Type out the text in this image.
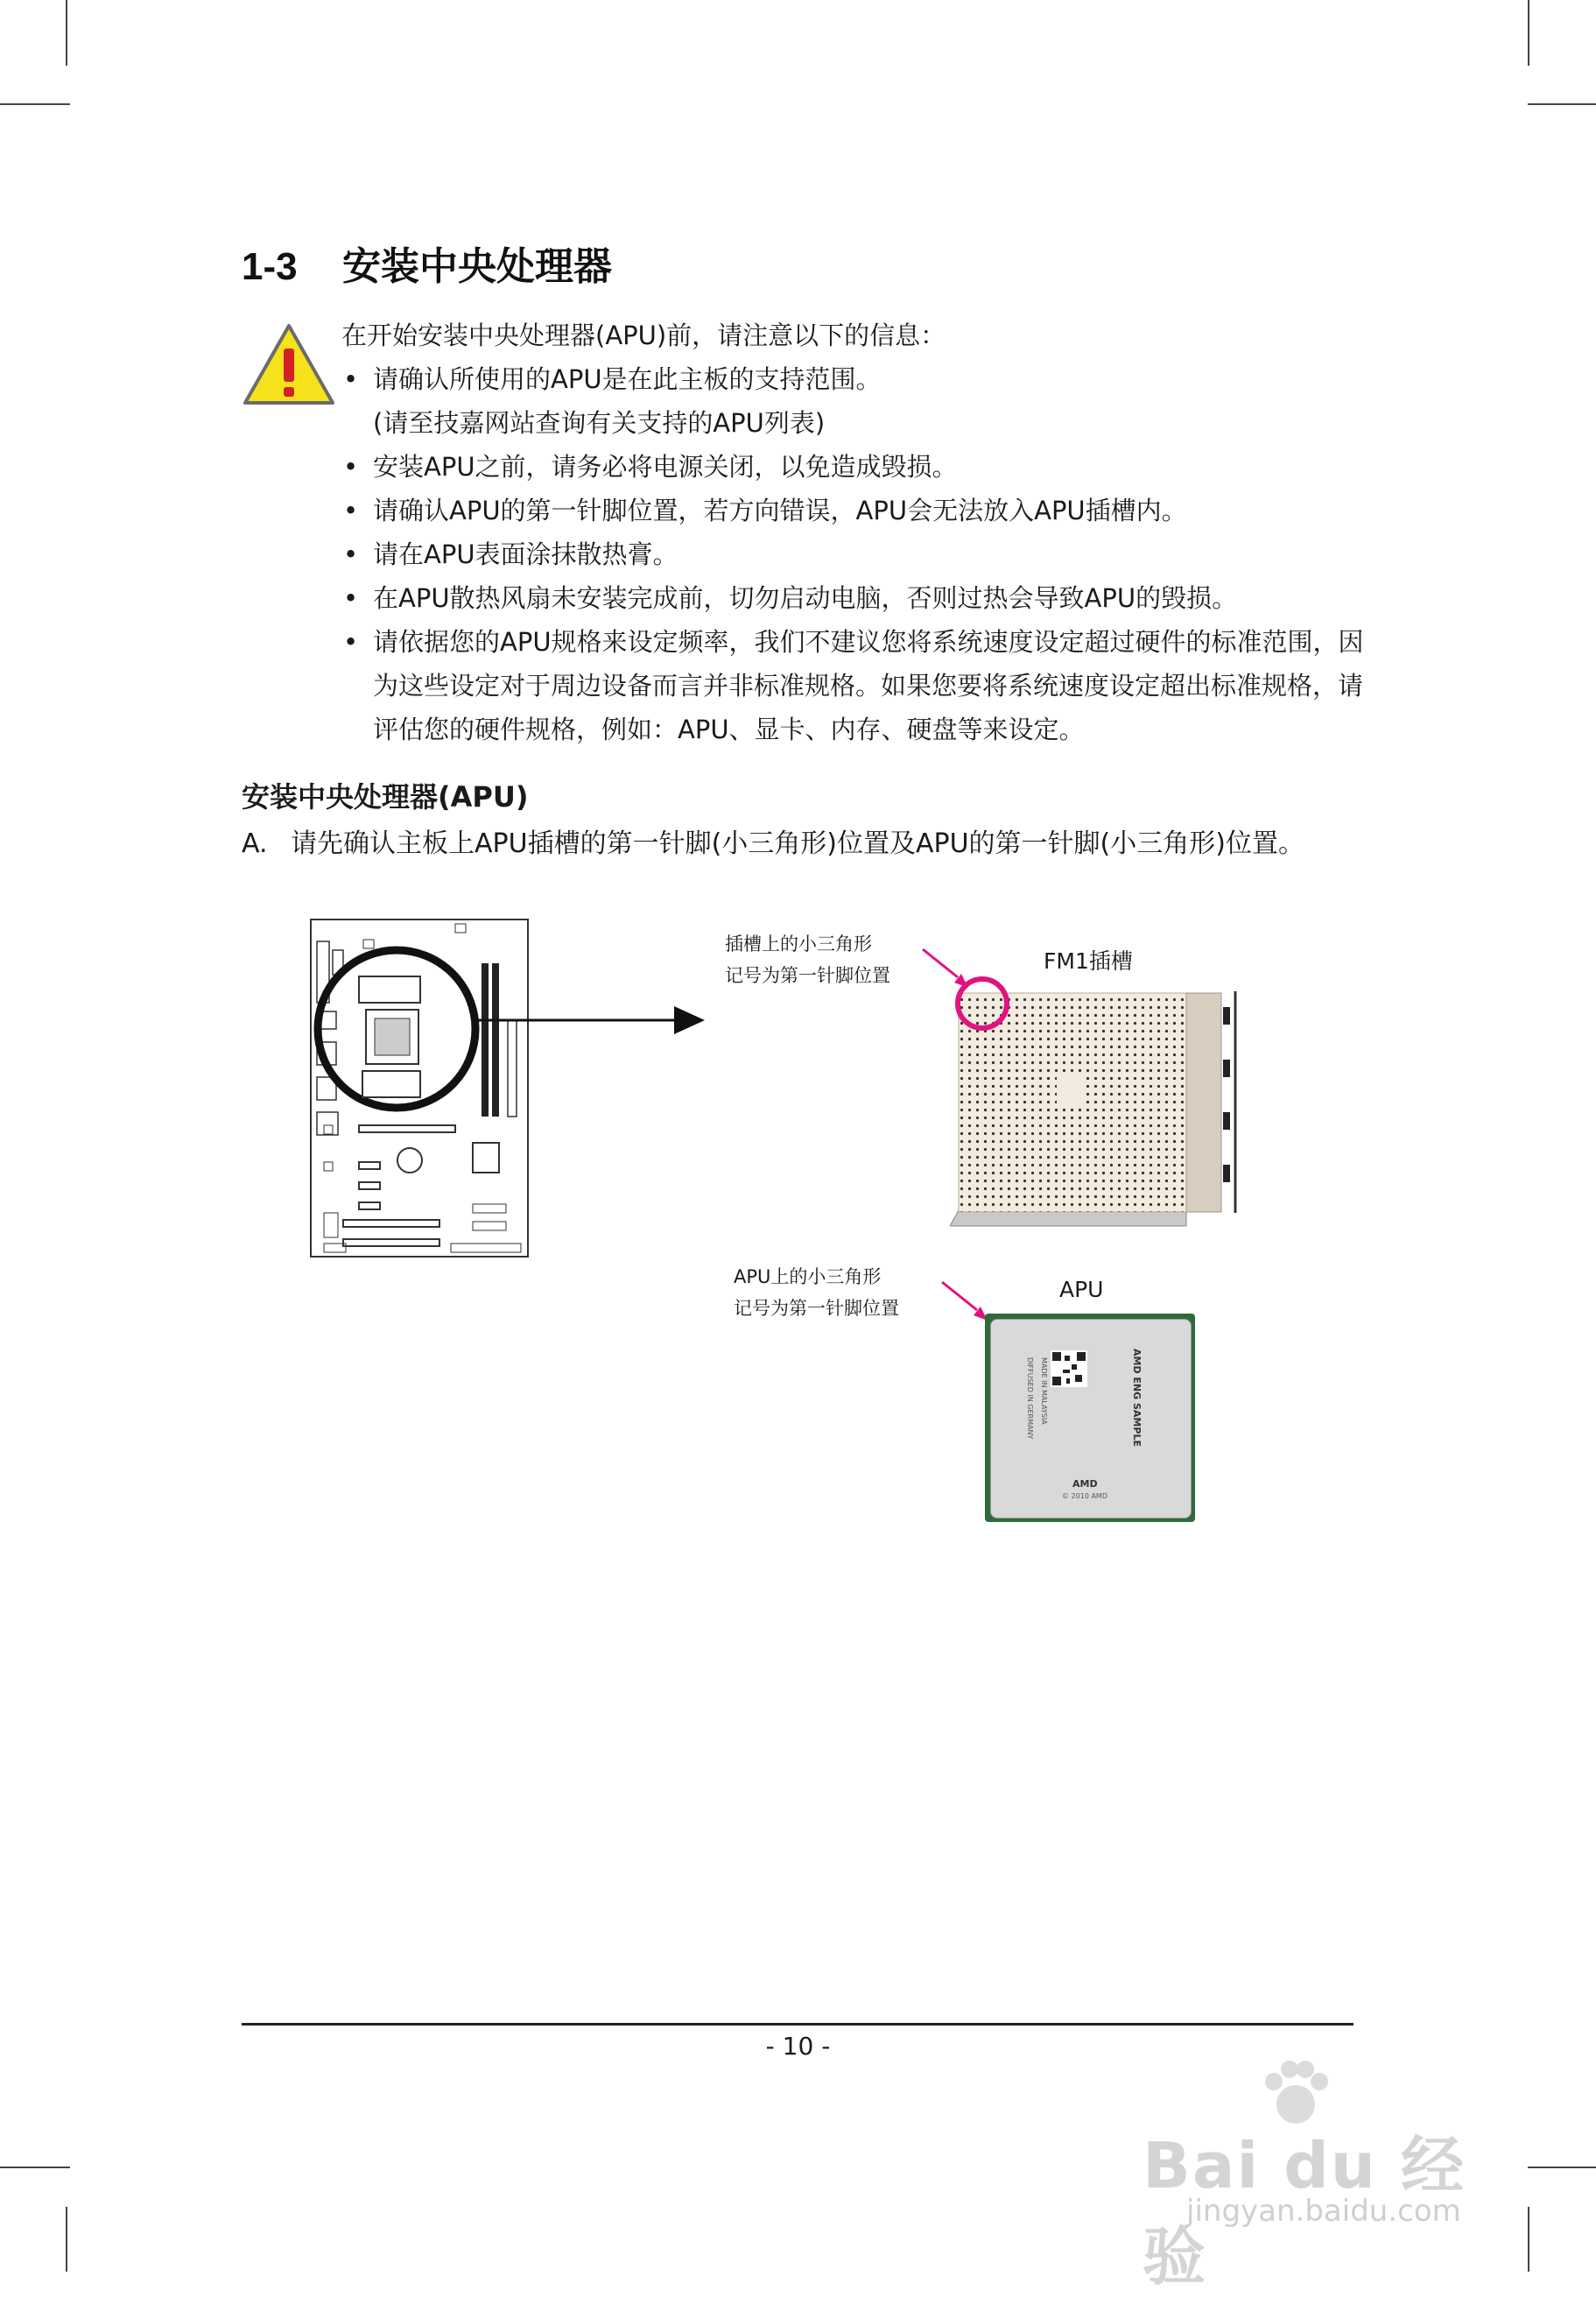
1-3 安装中央处理器

在开始安装中央处理器(APU)前，请注意以下的信息：

• 请确认所使用的APU是在此主板的支持范围。
(请至技嘉网站查询有关支持的APU列表)
• 安装APU之前，请务必将电源关闭，以免造成毁损。
• 请确认APU的第一针脚位置，若方向错误，APU会无法放入APU插槽内。
• 请在APU表面涂抹散热膏。
• 在APU散热风扇未安装完成前，切勿启动电脑，否则过热会导致APU的毁损。
• 请依据您的APU规格来设定频率，我们不建议您将系统速度设定超过硬件的标准范围，因为这些设定对于周边设备而言并非标准规格。如果您要将系统速度设定超出标准规格，请评估您的硬件规格，例如：APU、显卡、内存、硬盘等来设定。
安装中央处理器(APU)
A. 请先确认主板上APU插槽的第一针脚(小三角形)位置及APU的第一针脚(小三角形)位置。
插槽上的小三角形
记号为第一针脚位置
FM1插槽
APU上的小三角形
记号为第一针脚位置
APU
AMD ENG SAMPLE
DIFFUSED IN GERMANY MADE IN MALAYSIA
AMD
© 2010 AMD
- 10 -
Bai du 经验
jingyan.baidu.com
